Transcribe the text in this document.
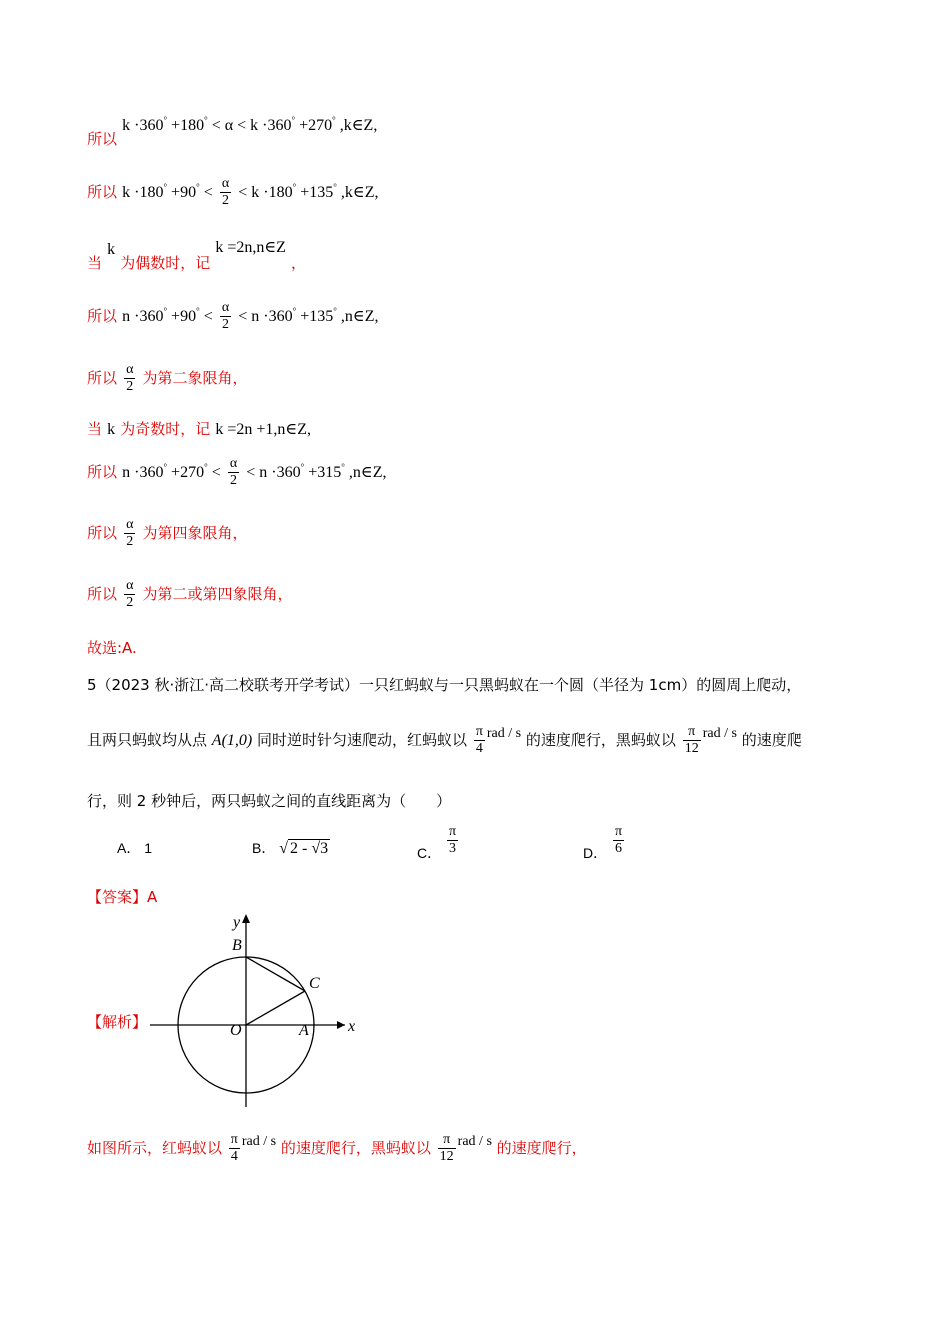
所以 k ·360° +180° < α < k ·360° +270° ,k∈Z,
所以 $k \cdot 180^\circ +90^\circ < \frac{\alpha}{2} < k \cdot 180^\circ +135^\circ$ ,k∈Z,
当 k 为偶数时，记 k =2n,n∈Z ，
所以 $n \cdot 360^\circ +90^\circ < \frac{\alpha}{2} < n \cdot 360^\circ +135^\circ$ ,n∈Z,
所以 $\frac{\alpha}{2}$ 为第二象限角，
当 k 为奇数时，记 k =2n +1,n∈Z,
所以 $n \cdot 360^\circ +270^\circ < \frac{\alpha}{2} < n \cdot 360^\circ +315^\circ$ ,n∈Z,
所以 $\frac{\alpha}{2}$ 为第四象限角，
所以 $\frac{\alpha}{2}$ 为第二或第四象限角，
故选:A.
5（2023 秋·浙江·高二校联考开学考试）一只红蚂蚁与一只黑蚂蚁在一个圆（半径为 1cm）的圆周上爬动，
且两只蚂蚁均从点 A(1,0) 同时逆时针匀速爬动，红蚂蚁以 $\frac{\pi}{4}$ rad / s 的速度爬行，黑蚂蚁以 $\frac{\pi}{12}$ rad / s 的速度爬
行，则 2 秒钟后，两只蚂蚁之间的直线距离为（　　）
A． 1	B． √ 2 - √3	C． $\frac{\pi}{3}$	D． $\frac{\pi}{6}$
【答案】A
【解析】
y
x
B
C
O	A
如图所示，红蚂蚁以 $\frac{\pi}{4}$ rad / s 的速度爬行，黑蚂蚁以 $\frac{\pi}{12}$ rad / s 的速度爬行，
